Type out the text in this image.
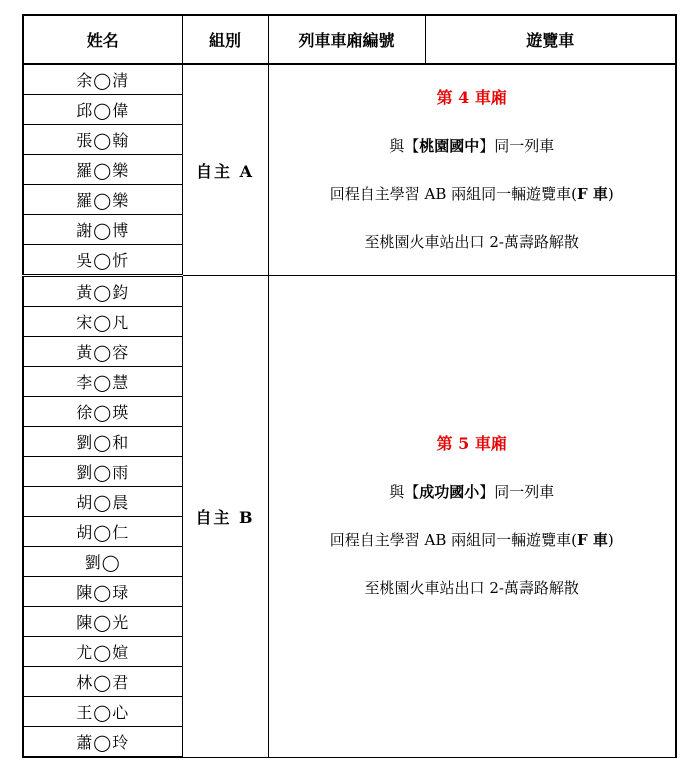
姓名	組別	列車車廂編號	遊覽車
余◯清	自主 A	第 4 車廂
與【桃園國中】同一列車
回程自主學習 AB 兩組同一輛遊覽車(F 車)
至桃園火車站出口 2-萬壽路解散	

邱◯偉			
張◯翰			
羅◯樂			
羅◯樂			
謝◯博			
吳◯忻			
黃◯鈞	自主 B	第 5 車廂
與【成功國小】同一列車
回程自主學習 AB 兩組同一輛遊覽車(F 車)
至桃園火車站出口 2-萬壽路解散	

宋◯凡			
黃◯容			
李◯慧			
徐◯瑛			
劉◯和			
劉◯雨			
胡◯晨			
胡◯仁			
劉◯			
陳◯琭			
陳◯光			
尤◯媗			
林◯君			
王◯心			
蕭◯玲			
